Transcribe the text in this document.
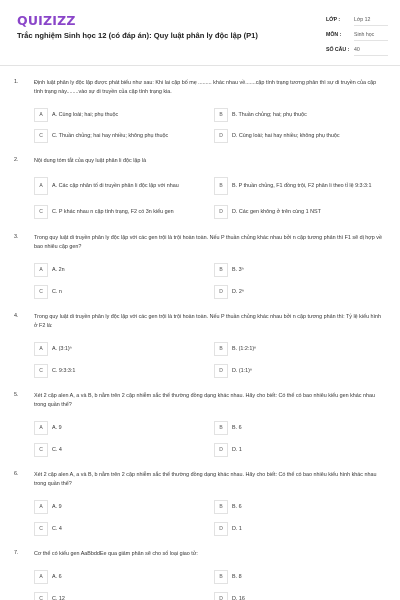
QUIZIZZ
Trắc nghiệm Sinh học 12 (có đáp án): Quy luật phân ly độc lập (P1)
LỚP :	Lớp 12
MÔN :	Sinh học
SỐ CÂU : 40
1.	Định luật phân ly độc lập được phát biểu như sau: Khi lai cặp bố mẹ ......... khác nhau về.......cặp tính trạng tương phản thì sự di truyền của cặp tính trạng này........vào sự di truyền của cặp tính trạng kia.
A	A. Cùng loài; hai; phụ thuộc	B	B. Thuần chủng; hai; phụ thuộc
C	C. Thuần chủng; hai hay nhiều; không phụ thuộc	D	D. Cùng loài; hai hay nhiều; không phụ thuộc
2.	Nội dung tóm tắt của quy luật phân li độc lập là
A	A. Các cặp nhân tố di truyền phân li độc lập với nhau	B	B. P thuần chủng, F1 đồng trội, F2 phân li theo tỉ lệ 9:3:3:1
C	C. P khác nhau n cặp tính trạng, F2 có 3n kiểu gen	D	D. Các gen không ở trên cùng 1 NST
3.	Trong quy luật di truyền phân ly độc lập với các gen trội là trội hoàn toàn. Nếu P thuần chủng khác nhau bởi n cặp tương phản thì F1 sẽ dị hợp về bao nhiêu cặp gen?
A	A. 2n	B	B. 3ⁿ
C	C. n	D	D. 2ⁿ
4.	Trong quy luật di truyền phân ly độc lập với các gen trội là trội hoàn toàn. Nếu P thuần chủng khác nhau bởi n cặp tương phản thì: Tỷ lệ kiểu hình ở F2 là:
A	A. (3:1)ⁿ	B	B. (1:2:1)ⁿ
C	C. 9:3:3:1	D	D. (1:1)ⁿ
5.	Xét 2 cặp alen A, a và B, b nằm trên 2 cặp nhiễm sắc thể thường đồng dạng khác nhau. Hãy cho biết: Có thể có bao nhiêu kiểu gen khác nhau trong quần thể?
A	A. 9	B	B. 6
C	C. 4	D	D. 1
6.	Xét 2 cặp alen A, a và B, b nằm trên 2 cặp nhiễm sắc thể thường đồng dạng khác nhau. Hãy cho biết: Có thể có bao nhiêu kiểu hình khác nhau trong quần thể?
A	A. 9	B	B. 6
C	C. 4	D	D. 1
7.	Cơ thể có kiểu gen AaBbddEe qua giảm phân sẽ cho số loại giao tử:
A	A. 6	B	B. 8
C	C. 12	D	D. 16
